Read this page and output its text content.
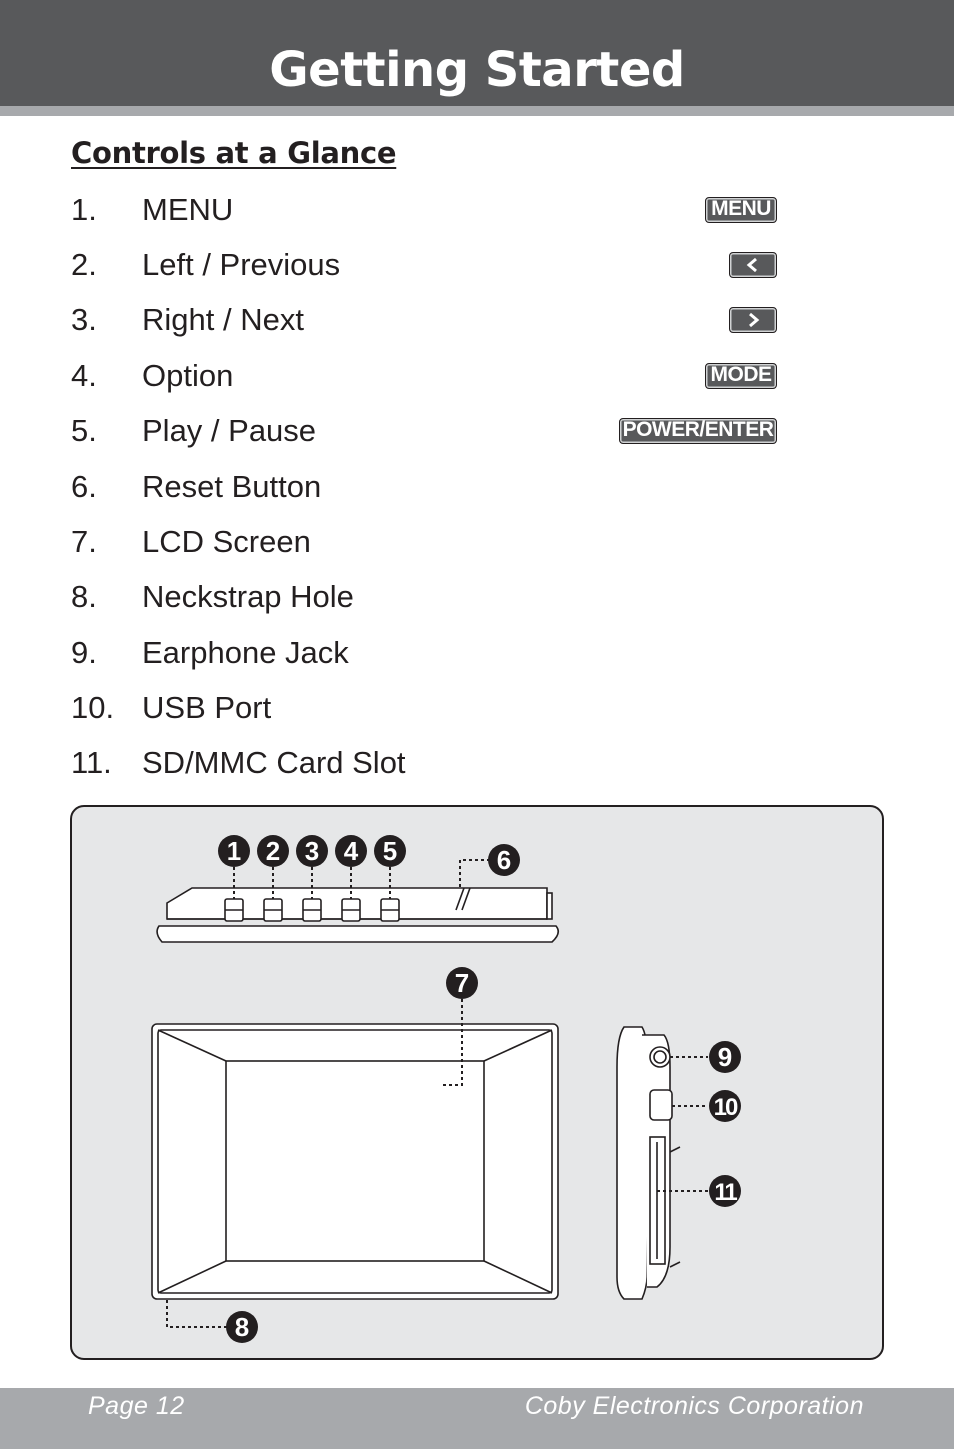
Getting Started
Controls at a Glance
1. MENU	MENU
2. Left / Previous
3. Right / Next
4. Option	MODE
5. Play / Pause	POWER/ENTER
6. Reset Button
7. LCD Screen
8. Neckstrap Hole
9. Earphone Jack
10. USB Port
11. SD/MMC Card Slot
1 2 3 4 5	6
7
8
9
10
11
Page 12	Coby Electronics Corporation
